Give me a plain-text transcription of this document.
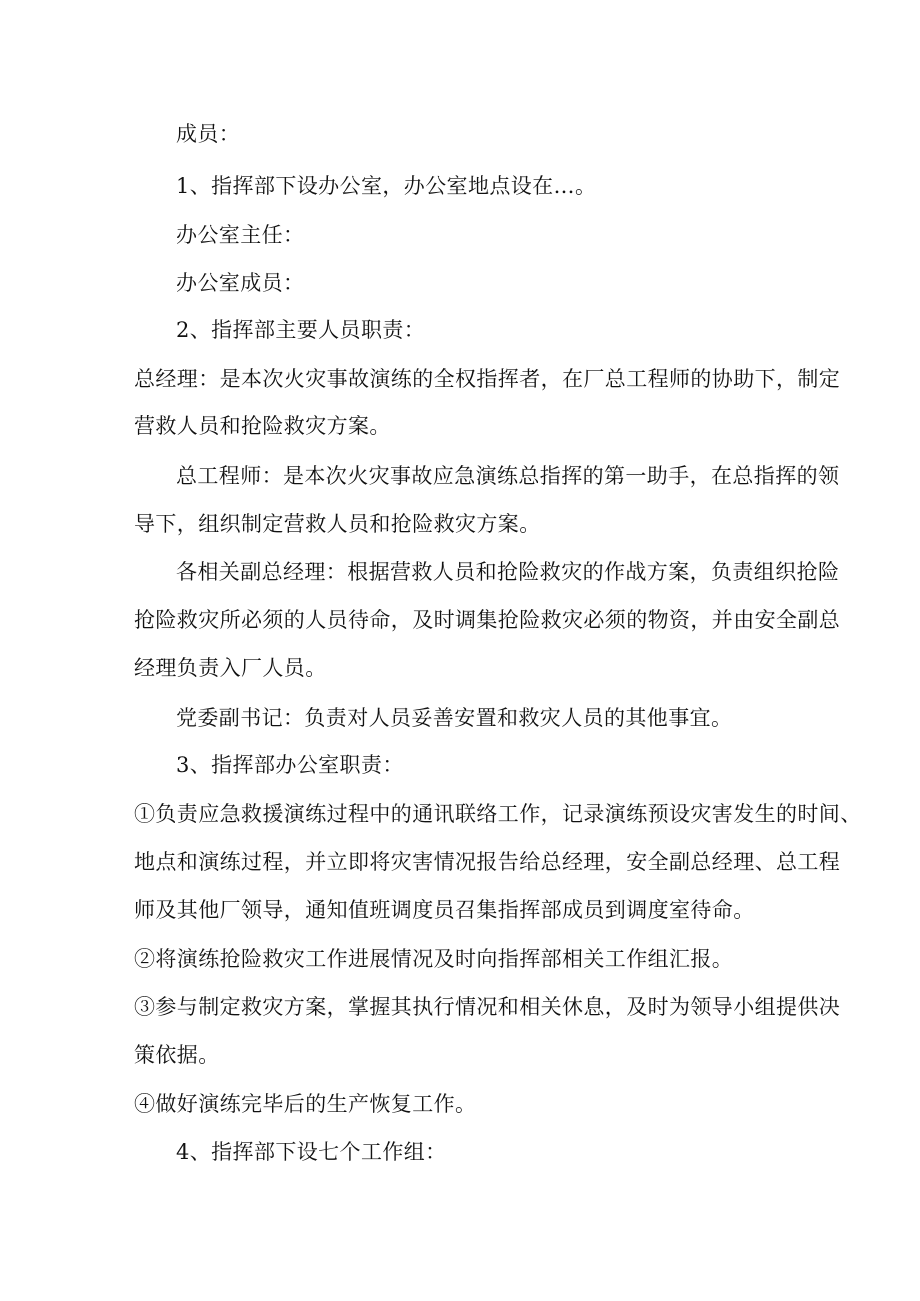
成员：
1、指挥部下设办公室，办公室地点设在…。
办公室主任：
办公室成员：
2、指挥部主要人员职责：
总经理：是本次火灾事故演练的全权指挥者，在厂总工程师的协助下，制定
营救人员和抢险救灾方案。
总工程师：是本次火灾事故应急演练总指挥的第一助手，在总指挥的领
导下，组织制定营救人员和抢险救灾方案。
各相关副总经理：根据营救人员和抢险救灾的作战方案，负责组织抢险
抢险救灾所必须的人员待命，及时调集抢险救灾必须的物资，并由安全副总
经理负责入厂人员。
党委副书记：负责对人员妥善安置和救灾人员的其他事宜。
3、指挥部办公室职责：
①负责应急救援演练过程中的通讯联络工作，记录演练预设灾害发生的时间、
地点和演练过程，并立即将灾害情况报告给总经理，安全副总经理、总工程
师及其他厂领导，通知值班调度员召集指挥部成员到调度室待命。
②将演练抢险救灾工作进展情况及时向指挥部相关工作组汇报。
③参与制定救灾方案，掌握其执行情况和相关休息，及时为领导小组提供决
策依据。
④做好演练完毕后的生产恢复工作。
4、指挥部下设七个工作组：
